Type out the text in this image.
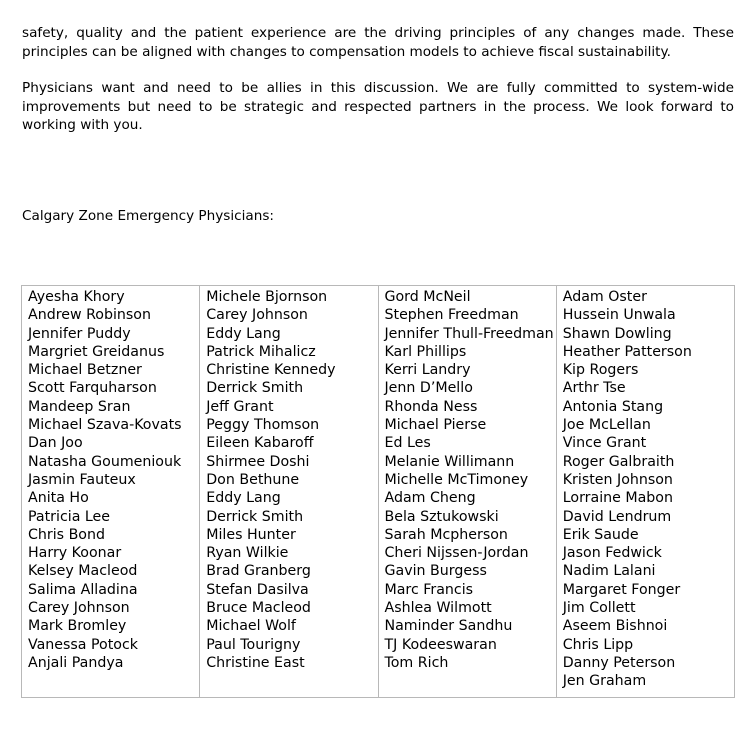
safety, quality and the patient experience are the driving principles of any changes made. These principles can be aligned with changes to compensation models to achieve fiscal sustainability.

Physicians want and need to be allies in this discussion. We are fully committed to system-wide improvements but need to be strategic and respected partners in the process. We look forward to working with you.

Calgary Zone Emergency Physicians:

Ayesha Khory
Andrew Robinson
Jennifer Puddy
Margriet Greidanus
Michael Betzner
Scott Farquharson
Mandeep Sran
Michael Szava-Kovats
Dan Joo
Natasha Goumeniouk
Jasmin Fauteux
Anita Ho
Patricia Lee
Chris Bond
Harry Koonar
Kelsey Macleod
Salima Alladina
Carey Johnson
Mark Bromley
Vanessa Potock
Anjali Pandya

Michele Bjornson
Carey Johnson
Eddy Lang
Patrick Mihalicz
Christine Kennedy
Derrick Smith
Jeff Grant
Peggy Thomson
Eileen Kabaroff
Shirmee Doshi
Don Bethune
Eddy Lang
Derrick Smith
Miles Hunter
Ryan Wilkie
Brad Granberg
Stefan Dasilva
Bruce Macleod
Michael Wolf
Paul Tourigny
Christine East

Gord McNeil
Stephen Freedman
Jennifer Thull-Freedman
Karl Phillips
Kerri Landry
Jenn D’Mello
Rhonda Ness
Michael Pierse
Ed Les
Melanie Willimann
Michelle McTimoney
Adam Cheng
Bela Sztukowski
Sarah Mcpherson
Cheri Nijssen-Jordan
Gavin Burgess
Marc Francis
Ashlea Wilmott
Naminder Sandhu
TJ Kodeeswaran
Tom Rich

Adam Oster
Hussein Unwala
Shawn Dowling
Heather Patterson
Kip Rogers
Arthr Tse
Antonia Stang
Joe McLellan
Vince Grant
Roger Galbraith
Kristen Johnson
Lorraine Mabon
David Lendrum
Erik Saude
Jason Fedwick
Nadim Lalani
Margaret Fonger
Jim Collett
Aseem Bishnoi
Chris Lipp
Danny Peterson
Jen Graham
